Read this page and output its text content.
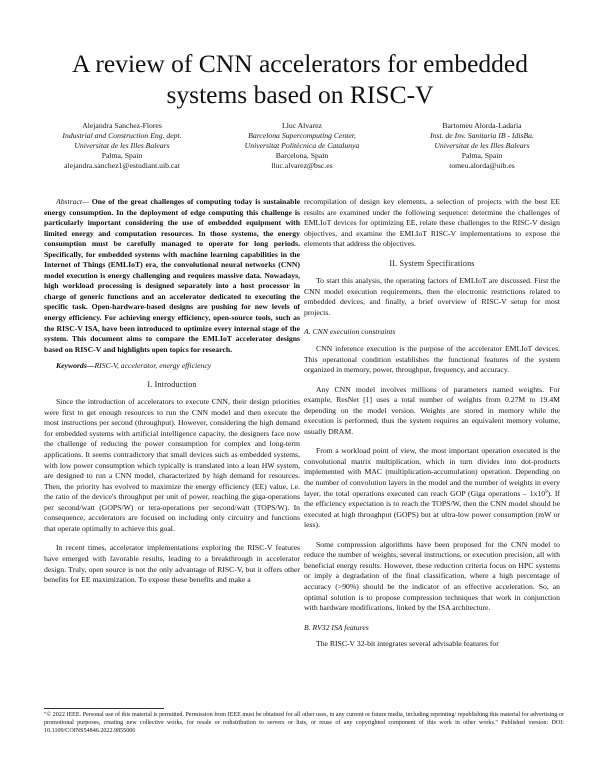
A review of CNN accelerators for embedded systems based on RISC-V
Alejandra Sanchez-Flores
Industrial and Construction Eng. dept.
Universitat de les Illes Balears
Palma, Spain
alejandra.sanchez1@estudiant.uib.cat
Lluc Alvarez
Barcelona Supercomputing Center,
Universitat Politècnica de Catalunya
Barcelona, Spain
lluc.alvarez@bsc.es
Bartomeu Alorda-Ladaria
Inst. de Inv. Sanitaria IB - IdisBa.
Universitat de les Illes Balears
Palma, Spain
tomeu.alorda@uib.es
Abstract— One of the great challenges of computing today is sustainable energy consumption. In the deployment of edge computing this challenge is particularly important considering the use of embedded equipment with limited energy and computation resources. In those systems, the energy consumption must be carefully managed to operate for long periods. Specifically, for embedded systems with machine learning capabilities in the Internet of Things (EMLIoT) era, the convolutional neural networks (CNN) model execution is energy challenging and requires massive data. Nowadays, high workload processing is designed separately into a host processor in charge of generic functions and an accelerator dedicated to executing the specific task. Open-hardware-based designs are pushing for new levels of energy efficiency. For achieving energy efficiency, open-source tools, such as the RISC-V ISA, have been introduced to optimize every internal stage of the system. This document aims to compare the EMLIoT accelerator designs based on RISC-V and highlights open topics for research.
Keywords—RISC-V, accelerator, energy efficiency
I. Introduction

Since the introduction of accelerators to execute CNN, their design priorities were first to get enough resources to run the CNN model and then execute the most instructions per second (throughput). However, considering the high demand for embedded systems with artificial intelligence capacity, the designers face now the challenge of reducing the power consumption for complex and long-term applications. It seems contradictory that small devices such as embedded systems, with low power consumption which typically is translated into a lean HW system, are designed to run a CNN model, characterized by high demand for resources. Then, the priority has evolved to maximize the energy efficiency (EE) value, i.e. the ratio of the device's throughput per unit of power, reaching the giga-operations per second/watt (GOPS/W) or tera-operations per second/watt (TOPS/W). In consequence, accelerators are focused on including only circuitry and functions that operate optimally to achieve this goal.

In recent times, accelerator implementations exploring the RISC-V features have emerged with favorable results, leading to a breakthrough in accelerator design. Truly, open source is not the only advantage of RISC-V, but it offers other benefits for EE maximization. To expose these benefits and make a

recompilation of design key elements, a selection of projects with the best EE results are examined under the following sequence: determine the challenges of EMLIoT devices for optimizing EE, relate these challenges to the RISC-V design objectives, and examine the EMLIoT RISC-V implementations to expose the elements that address the objectives.

II. System Specifications

To start this analysis, the operating factors of EMLIoT are discussed. First the CNN model execution requirements, then the electronic restrictions related to embedded devices, and finally, a brief overview of RISC-V setup for most projects.

A. CNN execution constraints

CNN inference execution is the purpose of the accelerator EMLIoT devices. This operational condition establishes the functional features of the system organized in memory, power, throughput, frequency, and accuracy.

Any CNN model involves millions of parameters named weights. For example, ResNet [1] uses a total number of weights from 0.27M to 19.4M depending on the model version. Weights are stored in memory while the execution is performed, thus the system requires an equivalent memory volume, usually DRAM.

From a workload point of view, the most important operation executed is the convolutional matrix multiplication, which in turn divides into dot-products implemented with MAC (multiplication-accumulation) operation. Depending on the number of convolution layers in the model and the number of weights in every layer, the total operations executed can reach GOP (Giga operations – $1x10^9$). If the efficiency expectation is to reach the TOPS/W, then the CNN model should be executed at high throughput (GOPS) but at ultra-low power consumption (mW or less).

Some compression algorithms have been proposed for the CNN model to reduce the number of weights, several instructions, or execution precision, all with beneficial energy results. However, these reduction criteria focus on HPC systems or imply a degradation of the final classification, where a high percentage of accuracy (>90%) should be the indicator of an effective acceleration. So, an optimal solution is to propose compression techniques that work in conjunction with hardware modifications, linked by the ISA architecture.

B. RV32 ISA features

The RISC-V 32-bit integrates several advisable features for

"© 2022 IEEE. Personal use of this material is permitted. Permission from IEEE must be obtained for all other uses, in any current or future media, including reprinting/ republishing this material for advertising or promotional purposes, creating new collective works, for resale or redistribution to servers or lists, or reuse of any copyrighted component of this work in other works." Published version: DOI: 10.1109/COINS54846.2022.9855006
